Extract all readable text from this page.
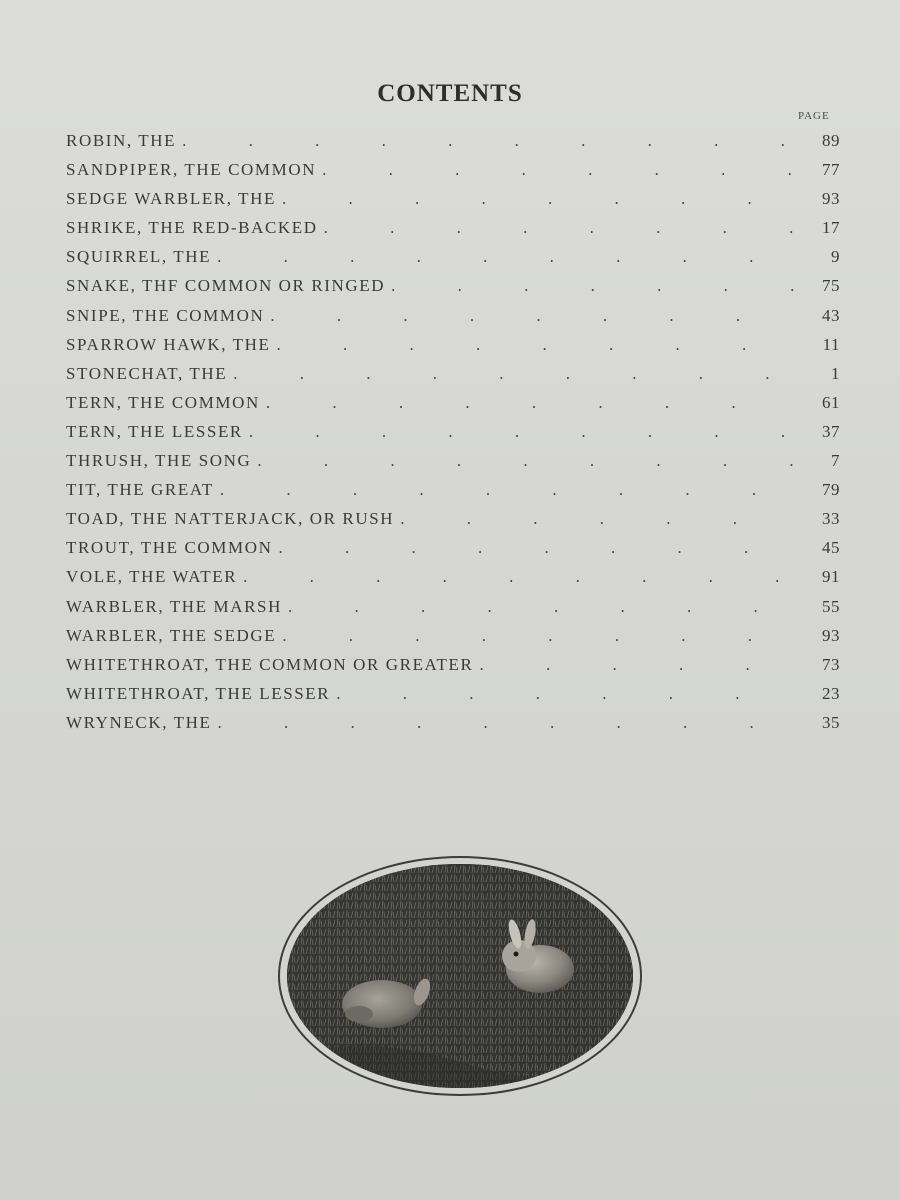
CONTENTS
PAGE
ROBIN, THE . . .	89
SANDPIPER, THE COMMON . . .	77
SEDGE WARBLER, THE . . .	93
SHRIKE, THE RED-BACKED . . .	17
SQUIRREL, THE . . .	9
SNAKE, THF COMMON OR RINGED . . .	75
SNIPE, THE COMMON . . .	43
SPARROW HAWK, THE . . .	11
STONECHAT, THE . . .	1
TERN, THE COMMON . . .	61
TERN, THE LESSER . . .	37
THRUSH, THE SONG . . .	7
TIT, THE GREAT . . .	79
TOAD, THE NATTERJACK, OR RUSH . . .	33
TROUT, THE COMMON . . .	45
VOLE, THE WATER . . .	91
WARBLER, THE MARSH . . .	55
WARBLER, THE SEDGE . . .	93
WHITETHROAT, THE COMMON OR GREATER . . .	73
WHITETHROAT, THE LESSER . . .	23
WRYNECK, THE . . .	35
